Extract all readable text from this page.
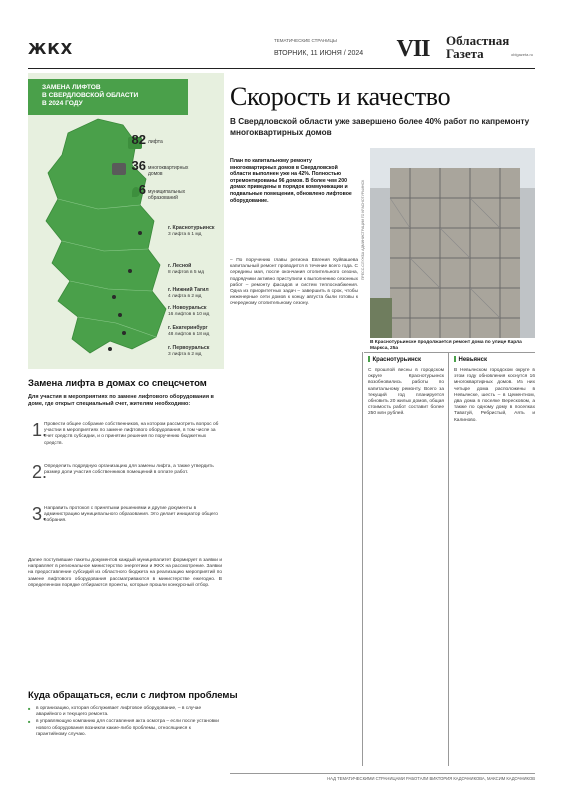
ЖКХ	ТЕМАТИЧЕСКИЕ СТРАНИЦЫ
ВТОРНИК, 11 ИЮНЯ / 2024	VII	Областная
Газета	oblgazeta.ru
ЗАМЕНА ЛИФТОВ
В СВЕРДЛОВСКОЙ ОБЛАСТИ
В 2024 ГОДУ
82 лифта
36 многоквартирных
домов
6 муниципальных
образований
г. Краснотурьинск
3 лифта в 1 мд
г. Лесной
8 лифтов в 5 мд
г. Нижний Тагил
4 лифта в 2 мд
г. Новоуральск
16 лифтов в 10 мд
г. Екатеринбург
48 лифтов в 18 мд
г. Первоуральск
3 лифта в 2 мд
Замена лифта в домах со спецсчетом
Для участия в мероприятиях по замене лифтового оборудования в доме, где открыт специальный счет, жителям необходимо:
1.
Провести общее собрание собственников, на котором рассмотреть вопрос об участии в мероприятиях по замене лифтового оборудования, в том числе за счет средств субсидии, и о принятии решения по поручению бюджетных средств.
2.
Определить подрядную организацию для замены лифта, а также утвердить размер доли участия собственников помещений в оплате работ.
3.
Направить протокол с принятыми решениями и другие документы в администрацию муниципального образования. Это делает инициатор общего собрания.
Далее поступившие пакеты документов каждый муниципалитет формирует в заявки и направляет в региональное министерство энергетики и ЖКХ на рассмотрение. Заявки на предоставление субсидий из областного бюджета на реализацию мероприятий по замене лифтового оборудования рассматриваются в министерстве ежегодно. В определенном порядке отбираются проекты, которые прошли конкурсный отбор.
Куда обращаться, если с лифтом проблемы

■ в организацию, которая обслуживает лифтовое оборудование, – в случае аварийного и текущего ремонта.

■ в управляющую компанию для составления акта осмотра – если после установки нового оборудования возникли какие-либо проблемы, относящиеся к гарантийному случаю.

Скорость и качество
В Свердловской области уже завершено более 40% работ по капремонту многоквартирных домов
План по капитальному ремонту многоквартирных домов в Свердловской области выполнен уже на 42%. Полностью отремонтированы 96 домов. В более чем 200 домах приведены в порядок коммуникации и подвальные помещения, обновлено лифтовое оборудование.
– По поручению главы региона Евгения Куйвашева капитальный ремонт проводится в течение всего года. С середины мая, после окончания отопительного сезона, подрядчики активно приступили к выполнению сезонных работ – ремонту фасадов и систем теплоснабжения. Одна из приоритетных задач – завершить в срок, чтобы инженерные сети домов к концу августа были готовы к очередному отопительному сезону.
ПРЕСС-СЛУЖБА АДМИНИСТРАЦИИ ГО КРАСНОТУРЬИНСК
В Краснотурьинске продолжается ремонт дома по улице Карла Маркса, 25а
Краснотурьинск
С прошлой весны в городском округе Краснотурьинск возобновились работы по капитальному ремонту. Всего за текущий год планируется обновить 20 жилых домов, общая стоимость работ составит более 250 млн рублей.
Невьянск
В Невьянском городском округе в этом году обновления коснутся 16 многоквартирных домов. Из них четыре дома расположены в Невьянске, шесть – в Цементном, два дома в поселке Вересковом, а также по одному дому в поселках Таватуй, Ребристый, Аять и Калиново.
НАД ТЕМАТИЧЕСКИМИ СТРАНИЦАМИ РАБОТАЛИ ВИКТОРИЯ КАДОЧНИКОВА, МАКСИМ КАДОЧНИКОВ
